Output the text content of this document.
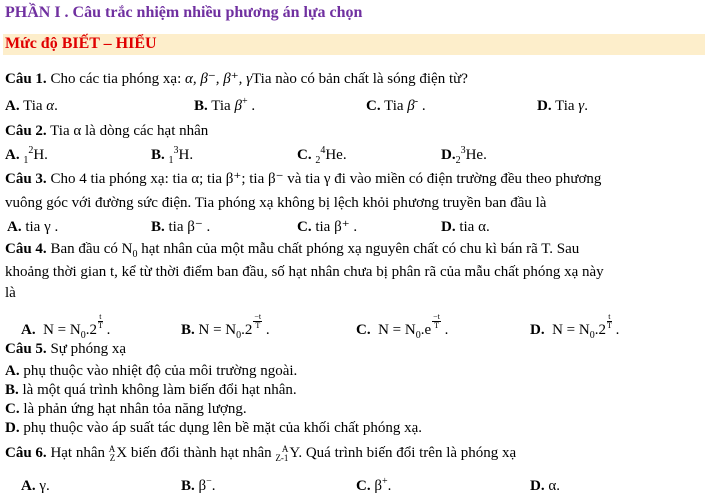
PHẦN I . Câu trắc nhiệm nhiều phương án lựa chọn
Mức độ BIẾT – HIỂU
Câu 1. Cho các tia phóng xạ: α, β⁻, β⁺, γTia nào có bản chất là sóng điện từ?
A. Tia α.	B. Tia β+ .	C. Tia β- .	D. Tia γ.
Câu 2. Tia α là dòng các hạt nhân
A. $_1^2$H.	B. $_1^3$H.	C. $_2^4$He.	$D._2^3He$.
Câu 3. Cho 4 tia phóng xạ: tia α; tia β⁺; tia β⁻ và tia γ đi vào miền có điện trường đều theo phương
vuông góc với đường sức điện. Tia phóng xạ không bị lệch khỏi phương truyền ban đầu là
A. tia γ .	B. tia β⁻ .	C. tia β⁺ .	D. tia α.
Câu 4. Ban đầu có $N_0$ hạt nhân của một mẫu chất phóng xạ nguyên chất có chu kì bán rã T. Sau
khoảng thời gian t, kể từ thời điểm ban đầu, số hạt nhân chưa bị phân rã của mẫu chất phóng xạ này
là
A. $N = N_0.2 \frac{t}{T}$ .	B. $N = N_0.2 \frac{-t}{T}$ .	C. $N = N_0.e \frac{-t}{T}$ .	D. $N = N_0.2 \frac{t}{T}$ .
Câu 5. Sự phóng xạ
A. phụ thuộc vào nhiệt độ của môi trường ngoài.
B. là một quá trình không làm biến đổi hạt nhân.
C. là phản ứng hạt nhân tỏa năng lượng.
D. phụ thuộc vào áp suất tác dụng lên bề mặt của khối chất phóng xạ.
Câu 6. Hạt nhân A
Z X biến đổi thành hạt nhân	A
Z-1 Y. Quá trình biến đổi trên là phóng xạ
A. γ.	B. β−.	C. β+.	D. α.
